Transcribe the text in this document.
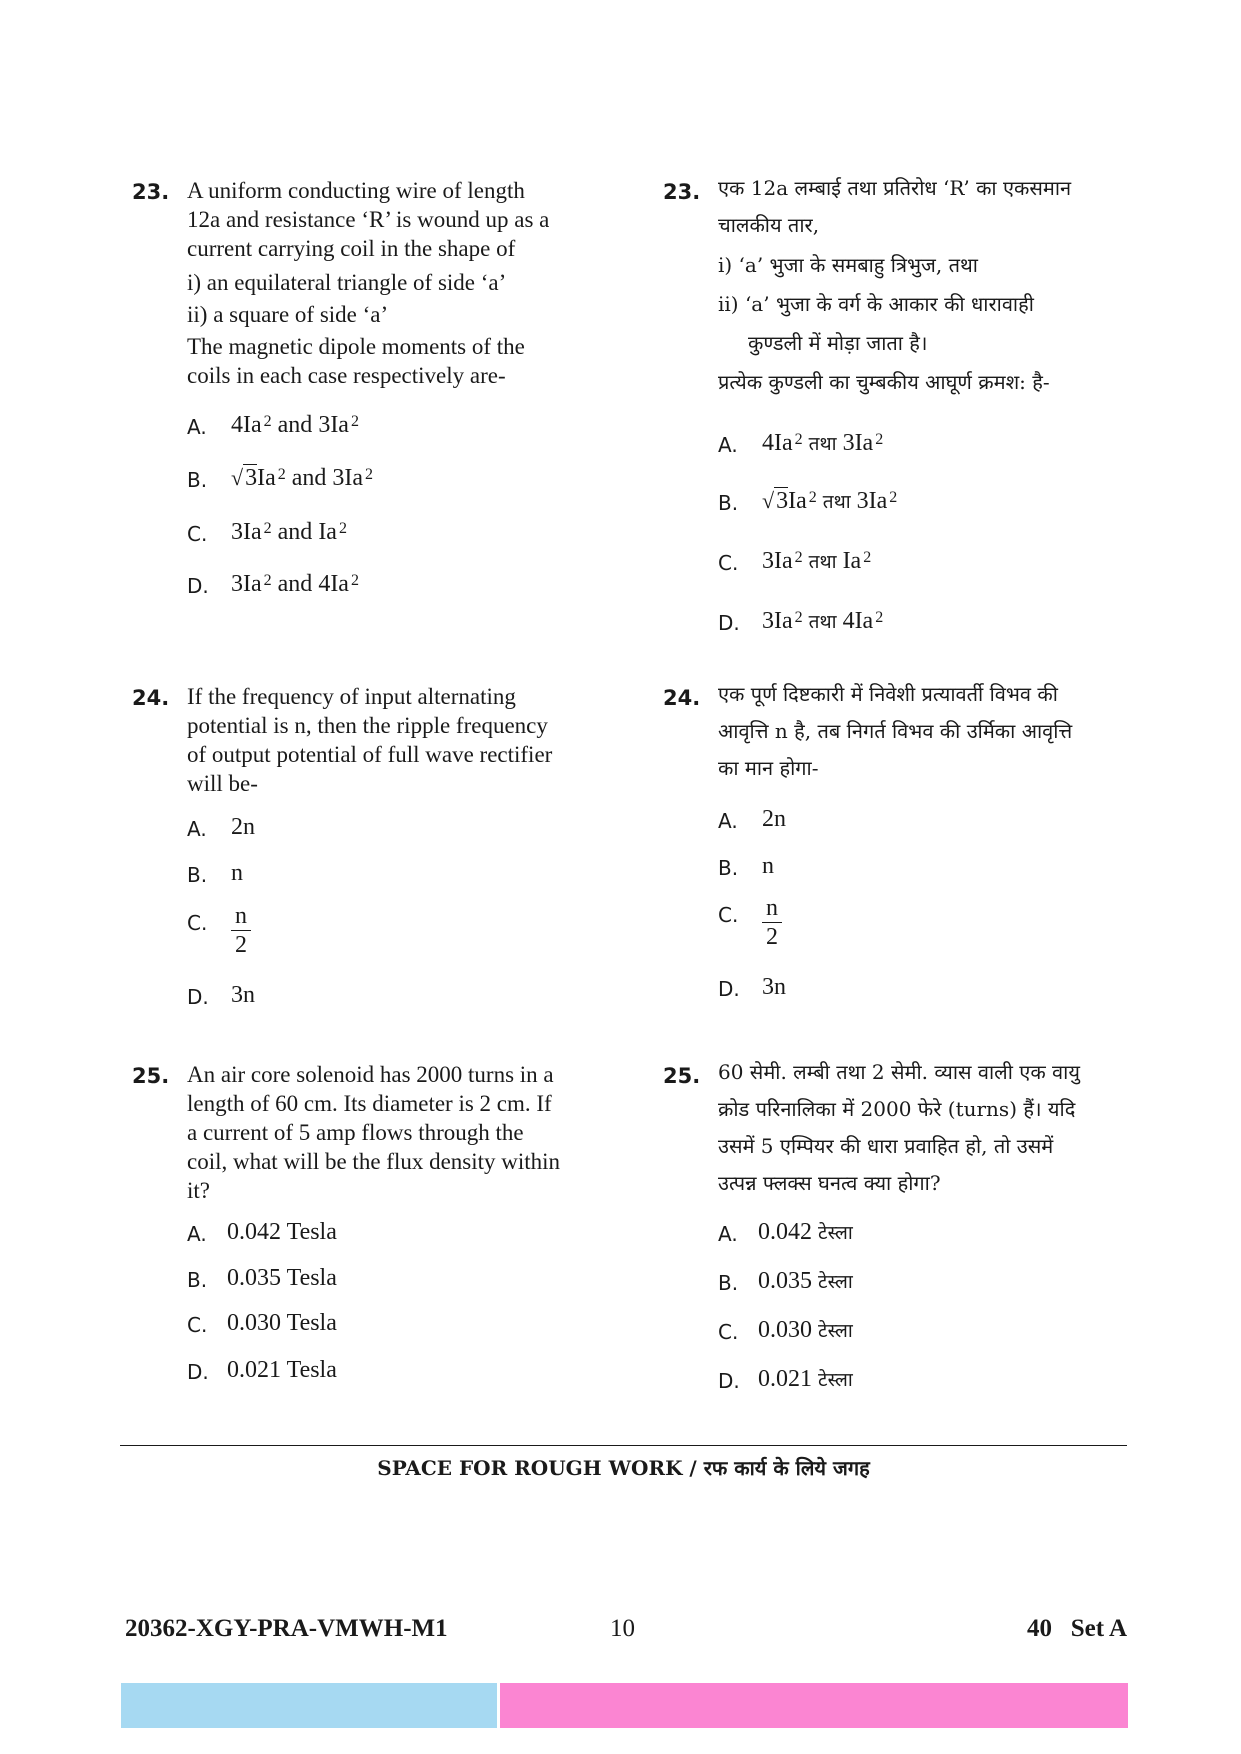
23. A uniform conducting wire of length
12a and resistance ‘R’ is wound up as a
current carrying coil in the shape of
i) an equilateral triangle of side ‘a’
ii) a square of side ‘a’
The magnetic dipole moments of the
coils in each case respectively are-
A. 4Ia $^2$ and 3Ia $^2$
B. √3Ia $^2$ and 3Ia $^2$
C. 3Ia $^2$ and Ia $^2$
D. 3Ia $^2$ and 4Ia $^2$
23. एक 12a लम्बाई तथा प्रतिरोध ‘R’ का एकसमान
चालकीय तार,
i) ‘a’ भुजा के समबाहु त्रिभुज, तथा
ii) ‘a’ भुजा के वर्ग के आकार की धारावाही
कुण्डली में मोड़ा जाता है।
प्रत्येक कुण्डली का चुम्बकीय आघूर्ण क्रमश: है-
A. 4Ia $^2$ तथा 3Ia $^2$
B. √3Ia $^2$ तथा 3Ia $^2$
C. 3Ia $^2$ तथा Ia $^2$
D. 3Ia $^2$ तथा 4Ia $^2$
24. If the frequency of input alternating
potential is n, then the ripple frequency
of output potential of full wave rectifier
will be-
A. 2n
B. n
C. $\frac{n}{2}$
D. 3n
24. एक पूर्ण दिष्टकारी में निवेशी प्रत्यावर्ती विभव की
आवृत्ति n है, तब निगर्त विभव की उर्मिका आवृत्ति
का मान होगा-
A. 2n
B. n
C. $\frac{n}{2}$
D. 3n
25. An air core solenoid has 2000 turns in a
length of 60 cm. Its diameter is 2 cm. If
a current of 5 amp flows through the
coil, what will be the flux density within
it?
A. 0.042 Tesla
B. 0.035 Tesla
C. 0.030 Tesla
D. 0.021 Tesla
25. 60 सेमी. लम्बी तथा 2 सेमी. व्यास वाली एक वायु
क्रोड परिनालिका में 2000 फेरे (turns) हैं। यदि
उसमें 5 एम्पियर की धारा प्रवाहित हो, तो उसमें
उत्पन्न फ्लक्स घनत्व क्या होगा?
A. 0.042 टेस्ला
B. 0.035 टेस्ला
C. 0.030 टेस्ला
D. 0.021 टेस्ला
SPACE FOR ROUGH WORK / रफ कार्य के लिये जगह
20362-XGY-PRA-VMWH-M1	10	40   Set A
